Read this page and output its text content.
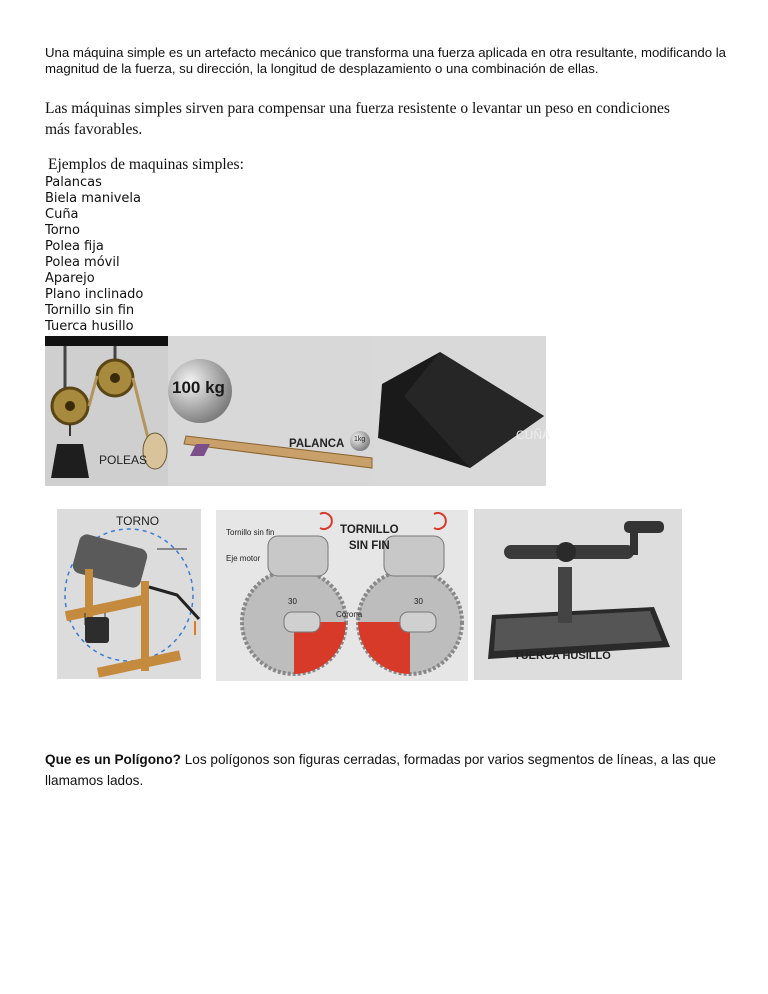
Una máquina simple es un artefacto mecánico que transforma una fuerza aplicada en otra resultante, modificando la magnitud de la fuerza, su dirección, la longitud de desplazamiento o una combinación de ellas.
Las máquinas simples sirven para compensar una fuerza resistente o levantar un peso en condiciones más favorables.
Ejemplos de maquinas simples:
Palancas
Biela manivela
Cuña
Torno
Polea fija
Polea móvil
Aparejo
Plano inclinado
Tornillo sin fin
Tuerca husillo
POLEAS
100 kg
1kg
PALANCA
CUÑA
TORNO
TORNILLO
SIN FIN
Tornillo sin fin
Eje motor
Corona
30	30
TUERCA HUSILLO
Que es un Polígono? Los polígonos son figuras cerradas, formadas por varios segmentos de líneas, a las que llamamos lados.
